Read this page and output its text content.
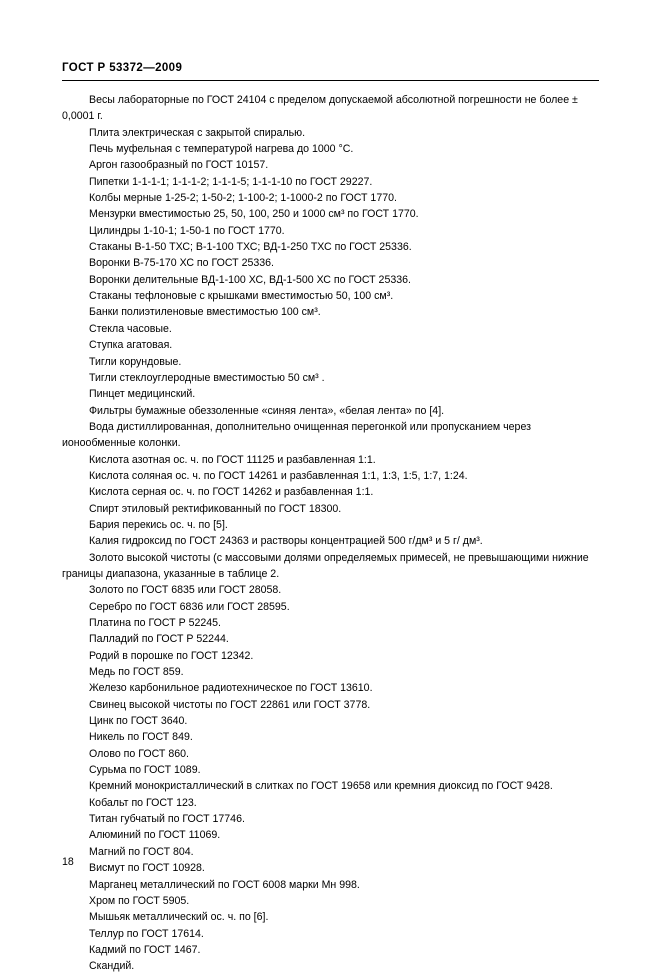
ГОСТ Р 53372—2009

Весы лабораторные по ГОСТ 24104 с пределом допускаемой абсолютной погрешности не более ± 0,0001 г.

Плита электрическая с закрытой спиралью.

Печь муфельная с температурой нагрева до 1000 °С.

Аргон газообразный по ГОСТ 10157.

Пипетки 1-1-1-1; 1-1-1-2; 1-1-1-5; 1-1-1-10 по ГОСТ 29227.

Колбы мерные 1-25-2; 1-50-2; 1-100-2; 1-1000-2 по ГОСТ 1770.

Мензурки вместимостью 25, 50, 100, 250 и 1000 см³ по ГОСТ 1770.

Цилиндры 1-10-1; 1-50-1 по ГОСТ 1770.

Стаканы В-1-50 ТХС; В-1-100 ТХС; ВД-1-250 ТХС по ГОСТ 25336.

Воронки В-75-170 ХС по ГОСТ 25336.

Воронки делительные ВД-1-100 ХС, ВД-1-500 ХС по ГОСТ 25336.

Стаканы тефлоновые с крышками вместимостью 50, 100 см³.

Банки полиэтиленовые вместимостью 100 см³.

Стекла часовые.

Ступка агатовая.

Тигли корундовые.

Тигли стеклоуглеродные вместимостью 50 см³ .

Пинцет медицинский.

Фильтры бумажные обеззоленные «синяя лента», «белая лента» по [4].

Вода дистиллированная, дополнительно очищенная перегонкой или пропусканием через ионообменные колонки.

Кислота азотная ос. ч. по ГОСТ 11125 и разбавленная 1:1.

Кислота соляная ос. ч. по ГОСТ 14261 и разбавленная 1:1, 1:3, 1:5, 1:7, 1:24.

Кислота серная ос. ч. по ГОСТ 14262 и разбавленная 1:1.

Спирт этиловый ректификованный по ГОСТ 18300.

Бария перекись ос. ч. по [5].

Калия гидроксид по ГОСТ 24363 и растворы концентрацией 500 г/дм³ и 5 г/ дм³.

Золото высокой чистоты (с массовыми долями определяемых примесей, не превышающими нижние границы диапазона, указанные в таблице 2.

Золото по ГОСТ 6835 или ГОСТ 28058.

Серебро по ГОСТ 6836 или ГОСТ 28595.

Платина по ГОСТ Р 52245.

Палладий по ГОСТ Р 52244.

Родий в порошке по ГОСТ 12342.

Медь по ГОСТ 859.

Железо карбонильное радиотехническое по ГОСТ 13610.

Свинец высокой чистоты по ГОСТ 22861 или ГОСТ 3778.

Цинк по ГОСТ 3640.

Никель по ГОСТ 849.

Олово по ГОСТ 860.

Сурьма по ГОСТ 1089.

Кремний монокристаллический в слитках по ГОСТ 19658 или кремния диоксид по ГОСТ 9428.

Кобальт по ГОСТ 123.

Титан губчатый по ГОСТ 17746.

Алюминий по ГОСТ 11069.

Магний по ГОСТ 804.

Висмут по ГОСТ 10928.

Марганец металлический по ГОСТ 6008 марки Мн 998.

Хром по ГОСТ 5905.

Мышьяк металлический ос. ч. по [6].

Теллур по ГОСТ 17614.

Кадмий по ГОСТ 1467.

Скандий.

18
